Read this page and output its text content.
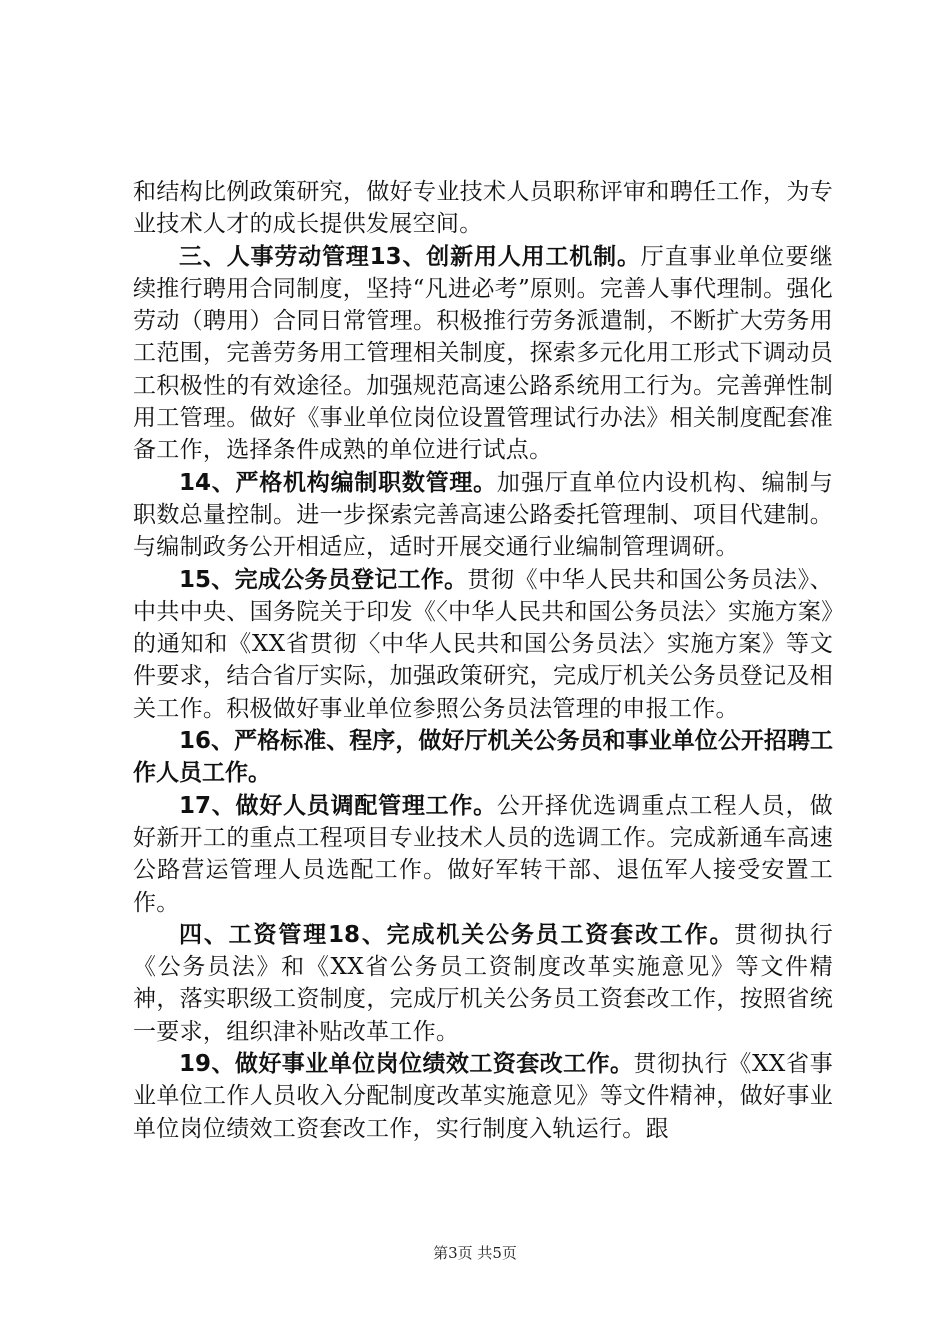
和结构比例政策研究，做好专业技术人员职称评审和聘任工作，为专业技术人才的成长提供发展空间。

三、人事劳动管理13、创新用人用工机制。厅直事业单位要继续推行聘用合同制度，坚持“凡进必考”原则。完善人事代理制。强化劳动（聘用）合同日常管理。积极推行劳务派遣制，不断扩大劳务用工范围，完善劳务用工管理相关制度，探索多元化用工形式下调动员工积极性的有效途径。加强规范高速公路系统用工行为。完善弹性制用工管理。做好《事业单位岗位设置管理试行办法》相关制度配套准备工作，选择条件成熟的单位进行试点。

14、严格机构编制职数管理。加强厅直单位内设机构、编制与职数总量控制。进一步探索完善高速公路委托管理制、项目代建制。与编制政务公开相适应，适时开展交通行业编制管理调研。

15、完成公务员登记工作。贯彻《中华人民共和国公务员法》、中共中央、国务院关于印发《〈中华人民共和国公务员法〉实施方案》的通知和《XX省贯彻〈中华人民共和国公务员法〉实施方案》等文件要求，结合省厅实际，加强政策研究，完成厅机关公务员登记及相关工作。积极做好事业单位参照公务员法管理的申报工作。

16、严格标准、程序，做好厅机关公务员和事业单位公开招聘工作人员工作。

17、做好人员调配管理工作。公开择优选调重点工程人员，做好新开工的重点工程项目专业技术人员的选调工作。完成新通车高速公路营运管理人员选配工作。做好军转干部、退伍军人接受安置工作。

四、工资管理18、完成机关公务员工资套改工作。贯彻执行《公务员法》和《XX省公务员工资制度改革实施意见》等文件精神，落实职级工资制度，完成厅机关公务员工资套改工作，按照省统一要求，组织津补贴改革工作。

19、做好事业单位岗位绩效工资套改工作。贯彻执行《XX省事业单位工作人员收入分配制度改革实施意见》等文件精神，做好事业单位岗位绩效工资套改工作，实行制度入轨运行。跟

第3页 共5页
